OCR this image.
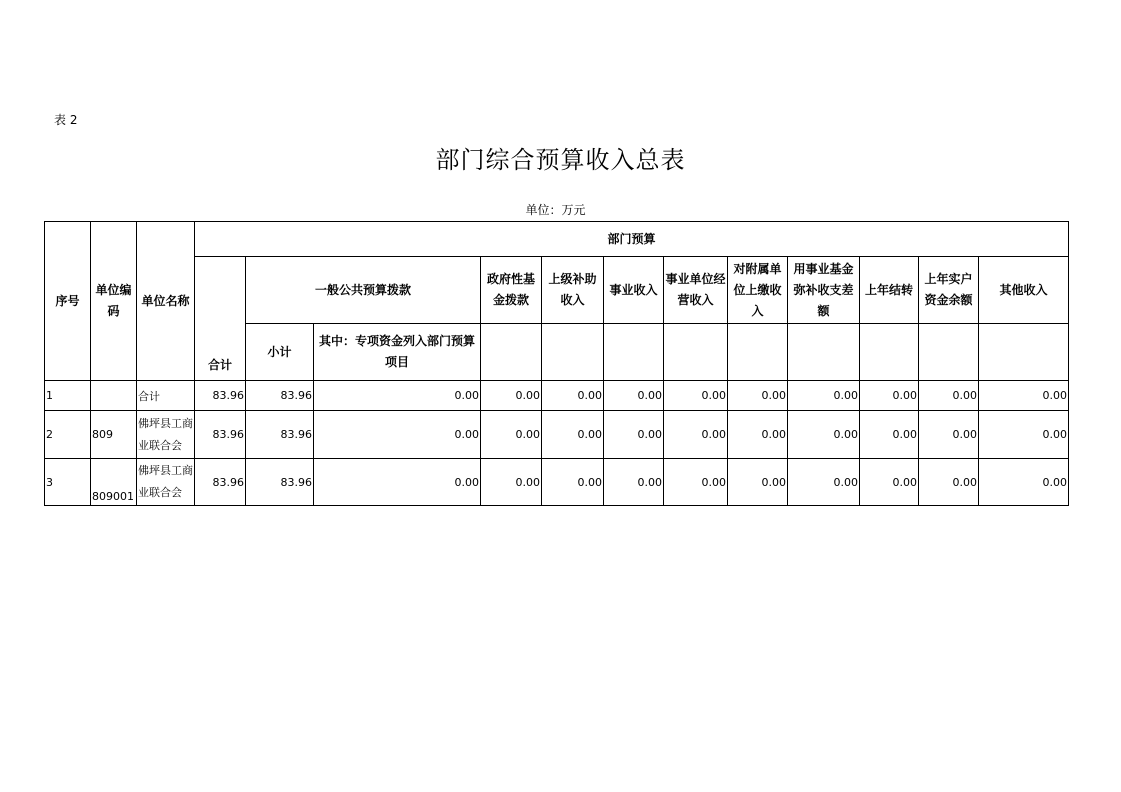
表 2
部门综合预算收入总表
单位：万元
序号	单位编码	单位名称	部门预算											
			合计	一般公共预算拨款		政府性基金拨款	上级补助收入	事业收入	事业单位经营收入	对附属单位上缴收入	用事业基金弥补收支差额	上年结转	上年实户资金余额	其他收入
				小计	其中：专项资金列入部门预算项目									
1		合计	83.96	83.96	0.00	0.00	0.00	0.00	0.00	0.00	0.00	0.00	0.00	0.00
2	809	佛坪县工商业联合会	83.96	83.96	0.00	0.00	0.00	0.00	0.00	0.00	0.00	0.00	0.00	0.00
3	809001	佛坪县工商业联合会	83.96	83.96	0.00	0.00	0.00	0.00	0.00	0.00	0.00	0.00	0.00	0.00
